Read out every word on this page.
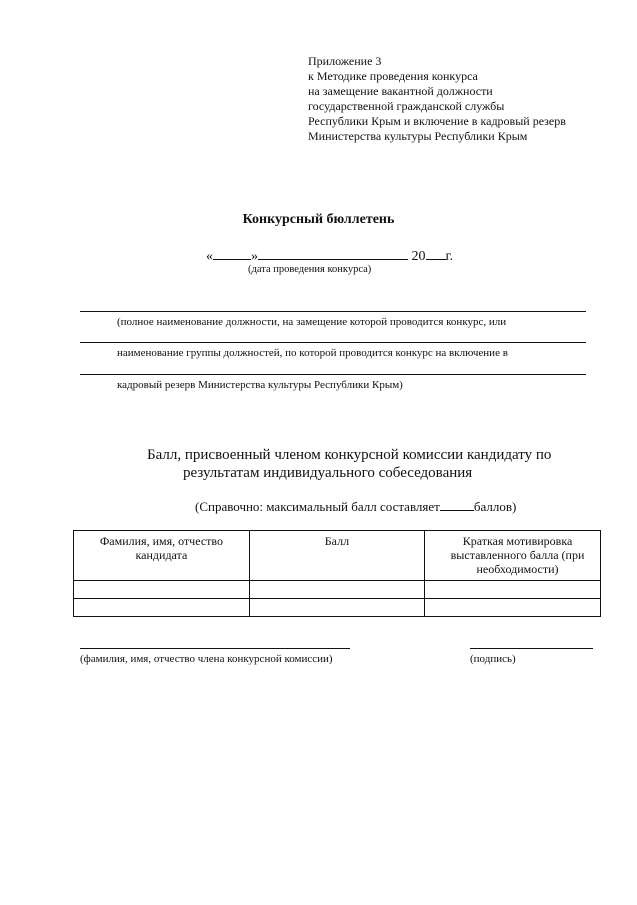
Приложение 3
к Методике проведения конкурса
на замещение вакантной должности
государственной гражданской службы
Республики Крым и включение в кадровый резерв
Министерства культуры Республики Крым
Конкурсный бюллетень
«	»	20 г.
(дата проведения конкурса)
(полное наименование должности, на замещение которой проводится конкурс, или
наименование группы должностей, по которой проводится конкурс на включение в
кадровый резерв Министерства культуры Республики Крым)
Балл, присвоенный членом конкурсной комиссии кандидату по
результатам индивидуального собеседования
(Справочно: максимальный балл составляет	баллов)
Фамилия, имя, отчество кандидата	Балл	Краткая мотивировка выставленного балла (при необходимости)

(фамилия, имя, отчество члена конкурсной комиссии)	(подпись)
